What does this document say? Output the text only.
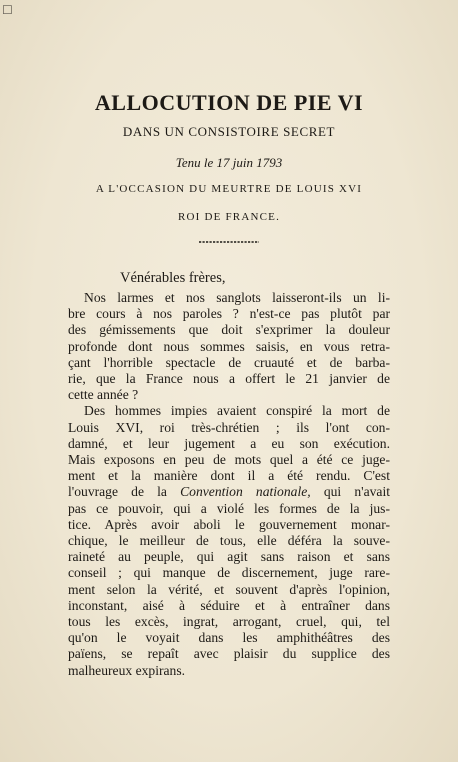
☐
ALLOCUTION DE PIE VI
DANS UN CONSISTOIRE SECRET
Tenu le 17 juin 1793
A L'OCCASION DU MEURTRE DE LOUIS XVI
ROI DE FRANCE.
Vénérables frères,
Nos larmes et nos sanglots laisseront-ils un li-
bre cours à nos paroles ? n'est-ce pas plutôt par
des gémissements que doit s'exprimer la douleur
profonde dont nous sommes saisis, en vous retra-
çant l'horrible spectacle de cruauté et de barba-
rie, que la France nous a offert le 21 janvier de
cette année ?
Des hommes impies avaient conspiré la mort de
Louis XVI, roi très-chrétien ; ils l'ont con-
damné, et leur jugement a eu son exécution.
Mais exposons en peu de mots quel a été ce juge-
ment et la manière dont il a été rendu. C'est
l'ouvrage de la Convention nationale, qui n'avait
pas ce pouvoir, qui a violé les formes de la jus-
tice. Après avoir aboli le gouvernement monar-
chique, le meilleur de tous, elle déféra la souve-
raineté au peuple, qui agit sans raison et sans
conseil ; qui manque de discernement, juge rare-
ment selon la vérité, et souvent d'après l'opinion,
inconstant, aisé à séduire et à entraîner dans
tous les excès, ingrat, arrogant, cruel, qui, tel
qu'on le voyait dans les amphithéâtres des
païens, se repaît avec plaisir du supplice des
malheureux expirans.
